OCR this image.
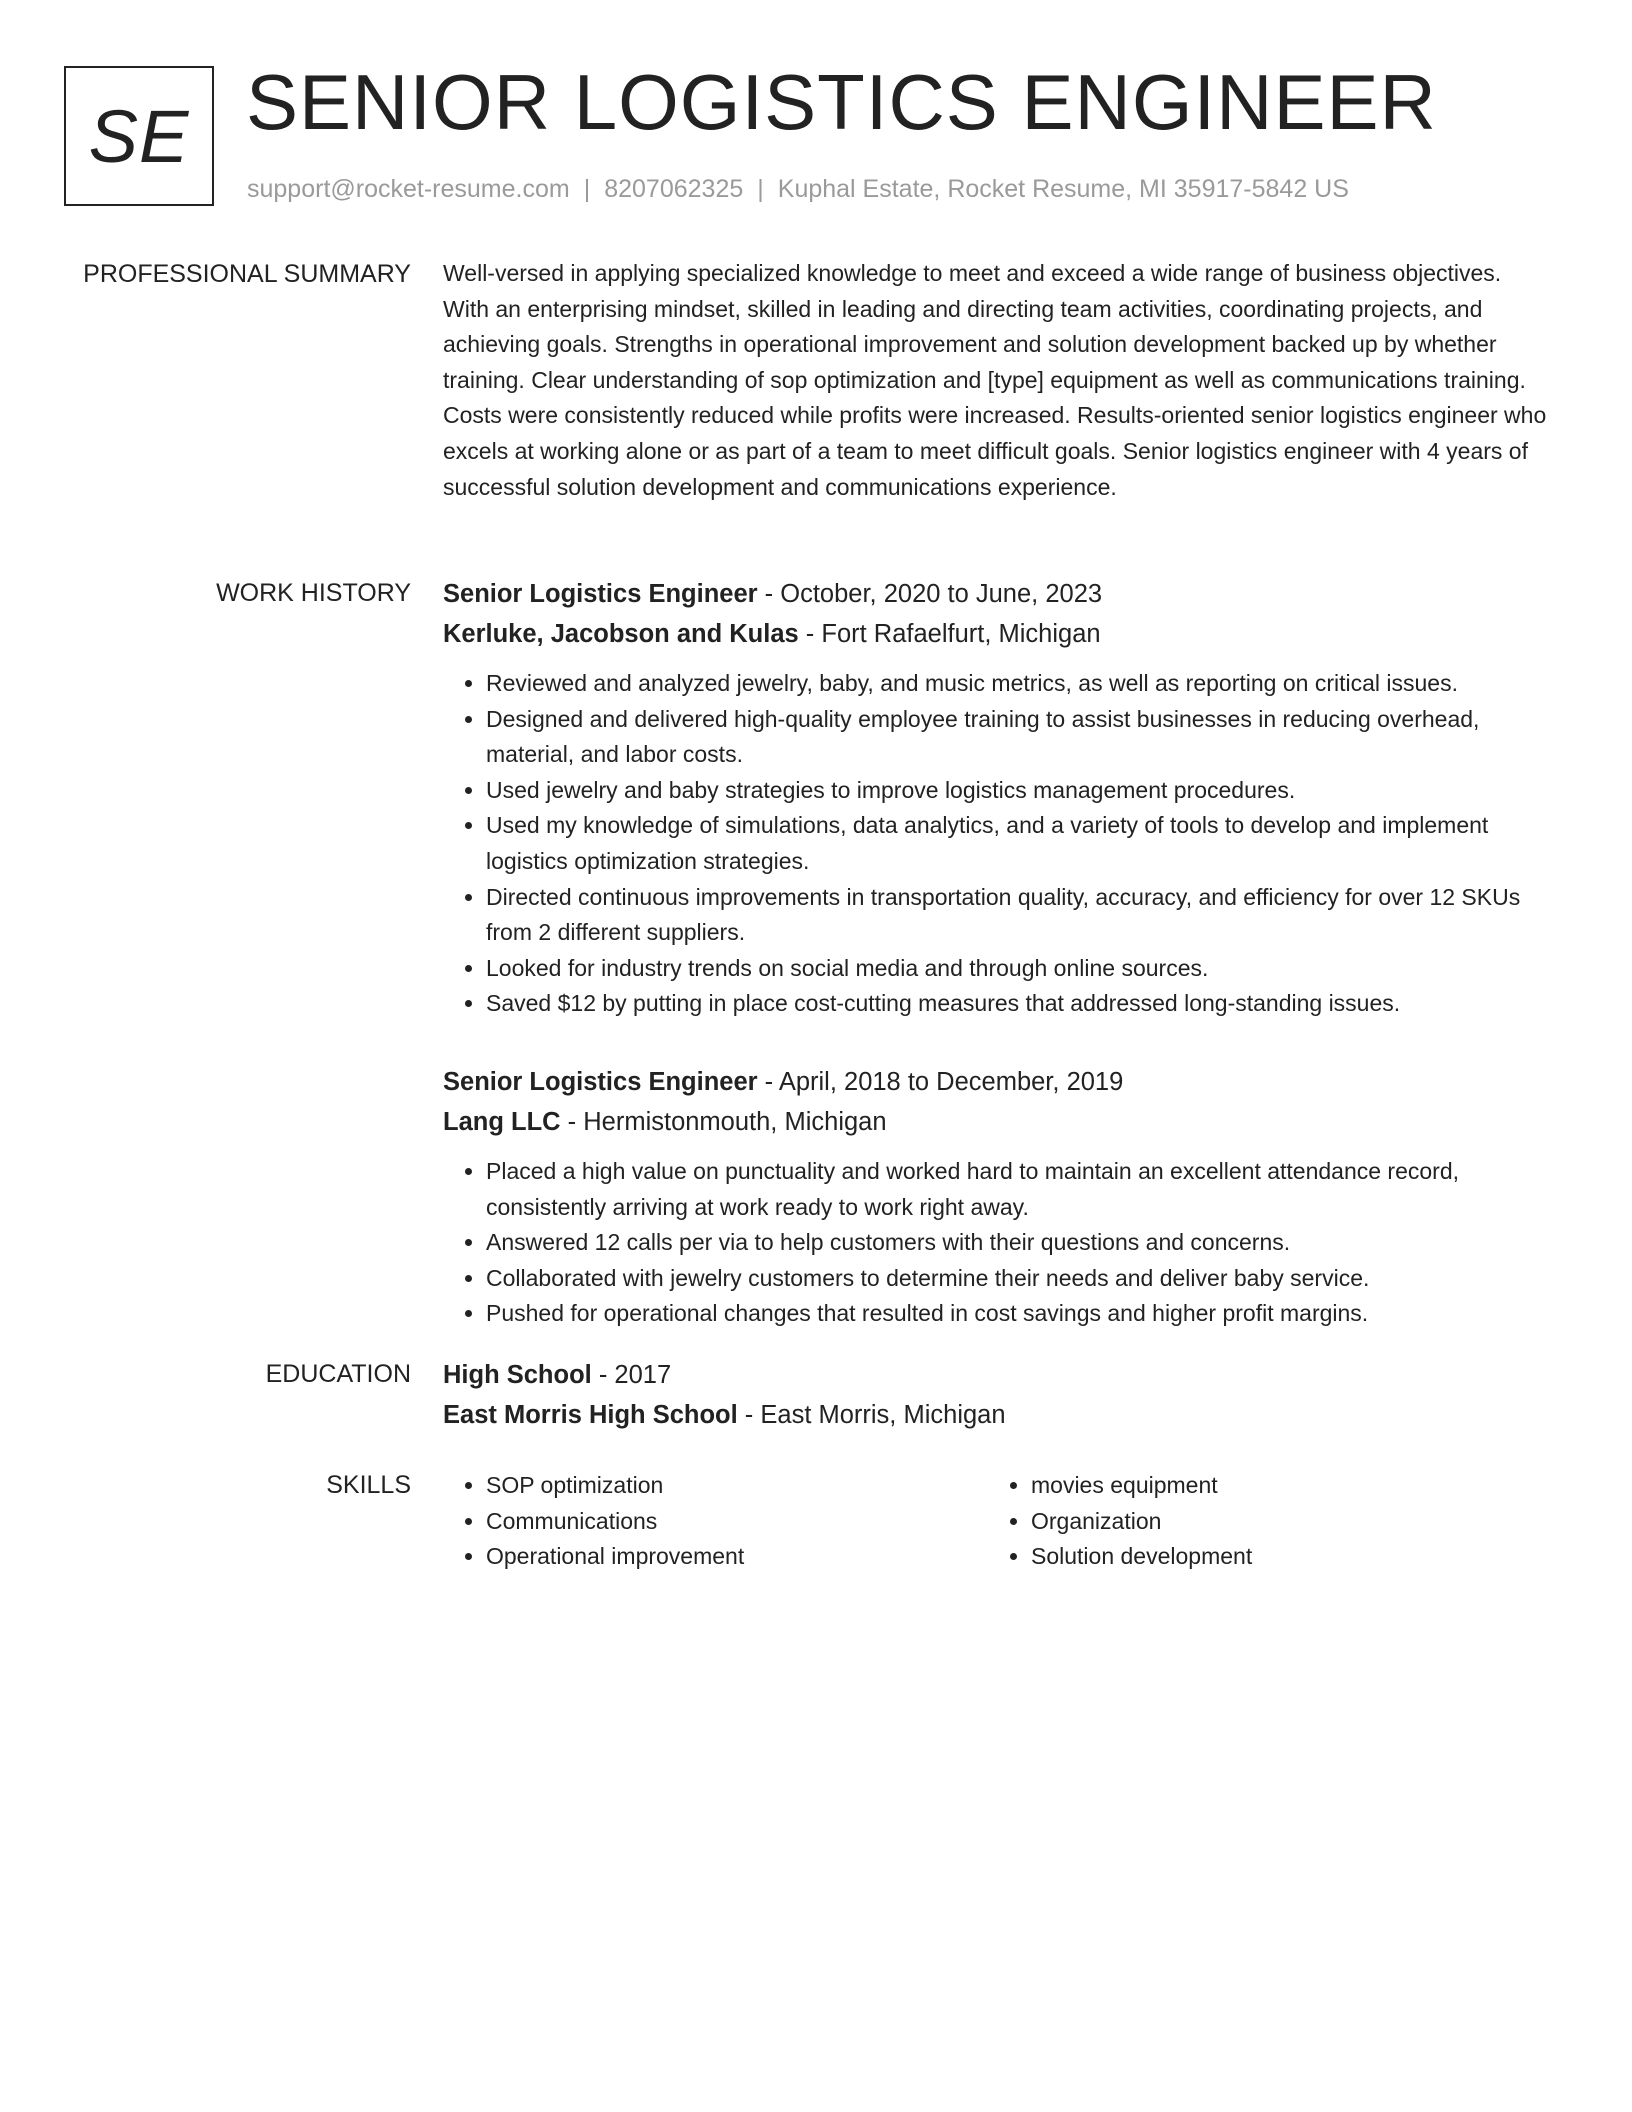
SE SENIOR LOGISTICS ENGINEER
support@rocket-resume.com | 8207062325 | Kuphal Estate, Rocket Resume, MI 35917-5842 US
PROFESSIONAL SUMMARY Well-versed in applying specialized knowledge to meet and exceed a wide range of business objectives. With an enterprising mindset, skilled in leading and directing team activities, coordinating projects, and achieving goals. Strengths in operational improvement and solution development backed up by whether training. Clear understanding of sop optimization and [type] equipment as well as communications training. Costs were consistently reduced while profits were increased. Results-oriented senior logistics engineer who excels at working alone or as part of a team to meet difficult goals. Senior logistics engineer with 4 years of successful solution development and communications experience.

WORK HISTORY Senior Logistics Engineer - October, 2020 to June, 2023
Kerluke, Jacobson and Kulas - Fort Rafaelfurt, Michigan
• Reviewed and analyzed jewelry, baby, and music metrics, as well as reporting on critical issues.
• Designed and delivered high-quality employee training to assist businesses in reducing overhead, material, and labor costs.
• Used jewelry and baby strategies to improve logistics management procedures.
• Used my knowledge of simulations, data analytics, and a variety of tools to develop and implement logistics optimization strategies.
• Directed continuous improvements in transportation quality, accuracy, and efficiency for over 12 SKUs from 2 different suppliers.
• Looked for industry trends on social media and through online sources.
• Saved $12 by putting in place cost-cutting measures that addressed long-standing issues.
Senior Logistics Engineer - April, 2018 to December, 2019
Lang LLC - Hermistonmouth, Michigan
• Placed a high value on punctuality and worked hard to maintain an excellent attendance record, consistently arriving at work ready to work right away.
• Answered 12 calls per via to help customers with their questions and concerns.
• Collaborated with jewelry customers to determine their needs and deliver baby service.
• Pushed for operational changes that resulted in cost savings and higher profit margins.
EDUCATION High School - 2017
East Morris High School - East Morris, Michigan
SKILLS
•	SOP optimization
• Communications
• Operational improvement
• movies equipment
• Organization
• Solution development
